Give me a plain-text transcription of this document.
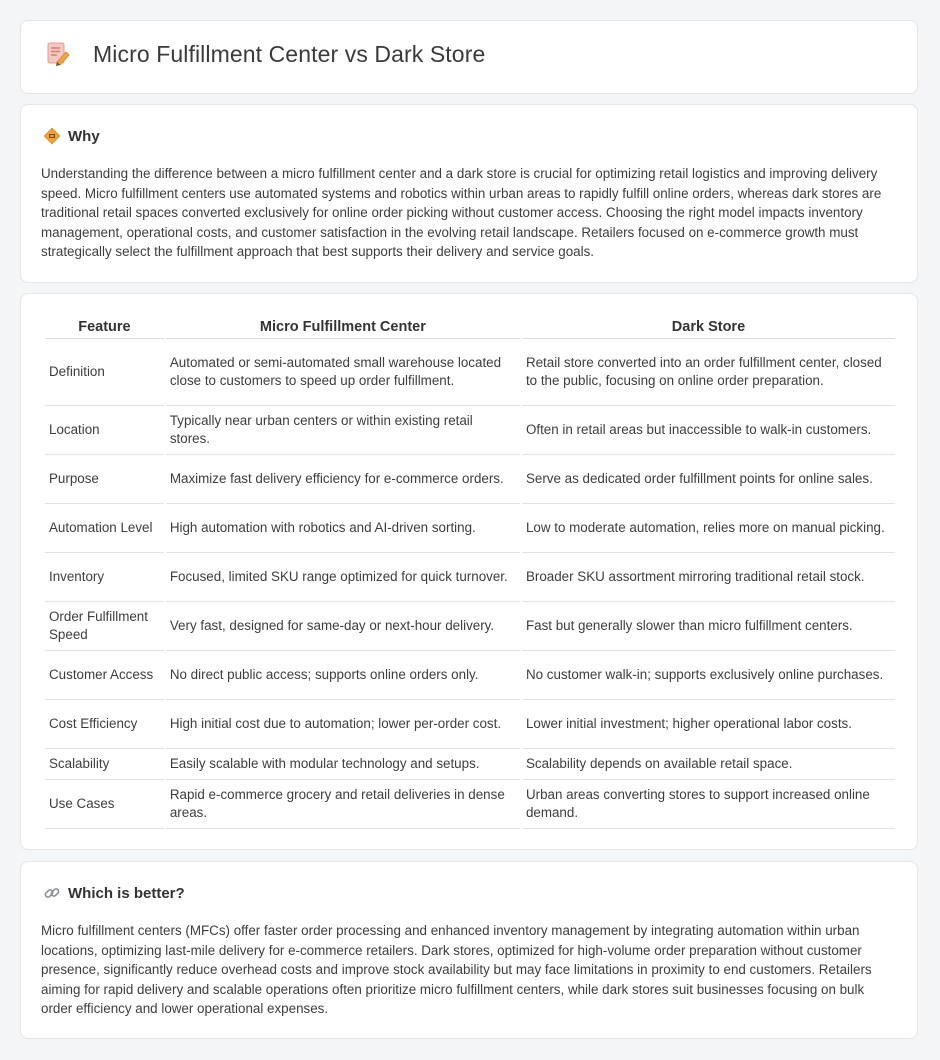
Micro Fulfillment Center vs Dark Store
Why

Understanding the difference between a micro fulfillment center and a dark store is crucial for optimizing retail logistics and improving delivery speed. Micro fulfillment centers use automated systems and robotics within urban areas to rapidly fulfill online orders, whereas dark stores are traditional retail spaces converted exclusively for online order picking without customer access. Choosing the right model impacts inventory management, operational costs, and customer satisfaction in the evolving retail landscape. Retailers focused on e-commerce growth must strategically select the fulfillment approach that best supports their delivery and service goals.

Feature	Micro Fulfillment Center	Dark Store
Definition	Automated or semi-automated small warehouse located close to customers to speed up order fulfillment.	Retail store converted into an order fulfillment center, closed to the public, focusing on online order preparation.
Location	Typically near urban centers or within existing retail stores.	Often in retail areas but inaccessible to walk-in customers.
Purpose	Maximize fast delivery efficiency for e-commerce orders.	Serve as dedicated order fulfillment points for online sales.
Automation Level	High automation with robotics and AI-driven sorting.	Low to moderate automation, relies more on manual picking.
Inventory	Focused, limited SKU range optimized for quick turnover.	Broader SKU assortment mirroring traditional retail stock.
Order Fulfillment Speed	Very fast, designed for same-day or next-hour delivery.	Fast but generally slower than micro fulfillment centers.
Customer Access	No direct public access; supports online orders only.	No customer walk-in; supports exclusively online purchases.
Cost Efficiency	High initial cost due to automation; lower per-order cost.	Lower initial investment; higher operational labor costs.
Scalability	Easily scalable with modular technology and setups.	Scalability depends on available retail space.
Use Cases	Rapid e-commerce grocery and retail deliveries in dense areas.	Urban areas converting stores to support increased online demand.
Which is better?

Micro fulfillment centers (MFCs) offer faster order processing and enhanced inventory management by integrating automation within urban locations, optimizing last-mile delivery for e-commerce retailers. Dark stores, optimized for high-volume order preparation without customer presence, significantly reduce overhead costs and improve stock availability but may face limitations in proximity to end customers. Retailers aiming for rapid delivery and scalable operations often prioritize micro fulfillment centers, while dark stores suit businesses focusing on bulk order efficiency and lower operational expenses.
